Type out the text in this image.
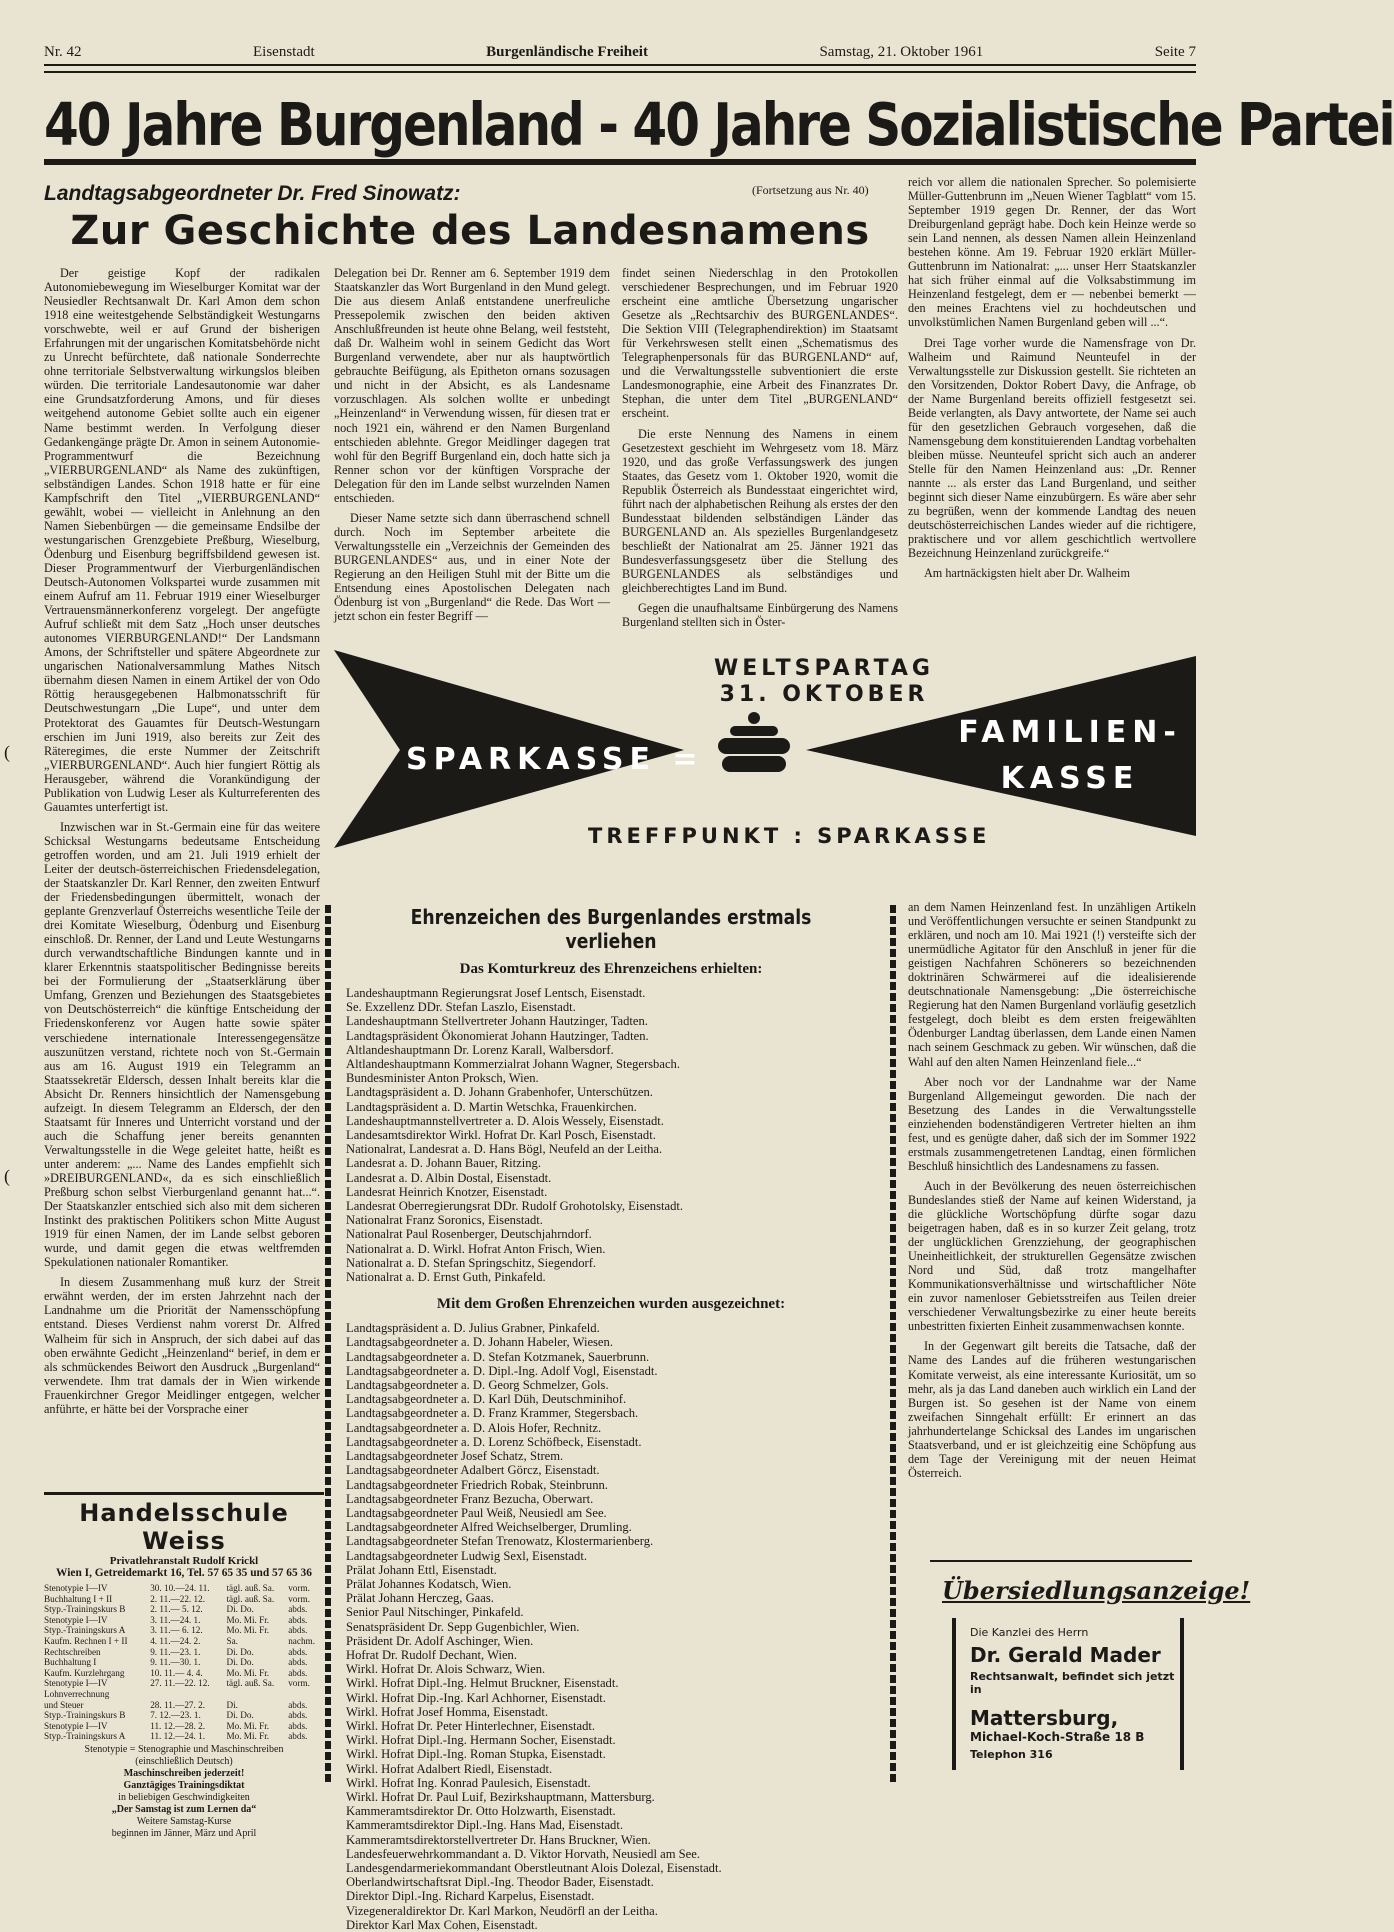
Nr. 42	Eisenstadt	Burgenländische Freiheit	Samstag, 21. Oktober 1961	Seite 7
40 Jahre Burgenland - 40 Jahre Sozialistische Partei
Landtagsabgeordneter Dr. Fred Sinowatz:	(Fortsetzung aus Nr. 40)
Zur Geschichte des Landesnamens

Der geistige Kopf der radikalen Autonomiebewegung im Wieselburger Komitat war der Neusiedler Rechtsanwalt Dr. Karl Amon dem schon 1918 eine weitestgehende Selbständigkeit Westungarns vorschwebte, weil er auf Grund der bisherigen Erfahrungen mit der ungarischen Komitatsbehörde nicht zu Unrecht befürchtete, daß nationale Sonderrechte ohne territoriale Selbstverwaltung wirkungslos bleiben würden. Die territoriale Landesautonomie war daher eine Grundsatzforderung Amons, und für dieses weitgehend autonome Gebiet sollte auch ein eigener Name bestimmt werden. In Verfolgung dieser Gedankengänge prägte Dr. Amon in seinem Autonomie-Programmentwurf die Bezeichnung „VIERBURGENLAND“ als Name des zukünftigen, selbständigen Landes. Schon 1918 hatte er für eine Kampfschrift den Titel „VIERBURGENLAND“ gewählt, wobei — vielleicht in Anlehnung an den Namen Siebenbürgen — die gemeinsame Endsilbe der westungarischen Grenzgebiete Preßburg, Wieselburg, Ödenburg und Eisenburg begriffsbildend gewesen ist. Dieser Programmentwurf der Vierburgenländischen Deutsch-Autonomen Volkspartei wurde zusammen mit einem Aufruf am 11. Februar 1919 einer Wieselburger Vertrauensmännerkonferenz vorgelegt. Der angefügte Aufruf schließt mit dem Satz „Hoch unser deutsches autonomes VIERBURGENLAND!“ Der Landsmann Amons, der Schriftsteller und spätere Abgeordnete zur ungarischen Nationalversammlung Mathes Nitsch übernahm diesen Namen in einem Artikel der von Odo Röttig herausgegebenen Halbmonatsschrift für Deutschwestungarn „Die Lupe“, und unter dem Protektorat des Gauamtes für Deutsch-Westungarn erschien im Juni 1919, also bereits zur Zeit des Räteregimes, die erste Nummer der Zeitschrift „VIERBURGENLAND“. Auch hier fungiert Röttig als Herausgeber, während die Vorankündigung der Publikation von Ludwig Leser als Kulturreferenten des Gauamtes unterfertigt ist.

Inzwischen war in St.-Germain eine für das weitere Schicksal Westungarns bedeutsame Entscheidung getroffen worden, und am 21. Juli 1919 erhielt der Leiter der deutsch-österreichischen Friedensdelegation, der Staatskanzler Dr. Karl Renner, den zweiten Entwurf der Friedensbedingungen übermittelt, wonach der geplante Grenzverlauf Österreichs wesentliche Teile der drei Komitate Wieselburg, Ödenburg und Eisenburg einschloß. Dr. Renner, der Land und Leute Westungarns durch verwandtschaftliche Bindungen kannte und in klarer Erkenntnis staatspolitischer Bedingnisse bereits bei der Formulierung der „Staatserklärung über Umfang, Grenzen und Beziehungen des Staatsgebietes von Deutschösterreich“ die künftige Entscheidung der Friedenskonferenz vor Augen hatte sowie später verschiedene internationale Interessengegensätze auszunützen verstand, richtete noch von St.-Germain aus am 16. August 1919 ein Telegramm an Staatssekretär Eldersch, dessen Inhalt bereits klar die Absicht Dr. Renners hinsichtlich der Namensgebung aufzeigt. In diesem Telegramm an Eldersch, der den Staatsamt für Inneres und Unterricht vorstand und der auch die Schaffung jener bereits genannten Verwaltungsstelle in die Wege geleitet hatte, heißt es unter anderem: „... Name des Landes empfiehlt sich »DREIBURGENLAND«, da es sich einschließlich Preßburg schon selbst Vierburgenland genannt hat...“. Der Staatskanzler entschied sich also mit dem sicheren Instinkt des praktischen Politikers schon Mitte August 1919 für einen Namen, der im Lande selbst geboren wurde, und damit gegen die etwas weltfremden Spekulationen nationaler Romantiker.

In diesem Zusammenhang muß kurz der Streit erwähnt werden, der im ersten Jahrzehnt nach der Landnahme um die Priorität der Namensschöpfung entstand. Dieses Verdienst nahm vorerst Dr. Alfred Walheim für sich in Anspruch, der sich dabei auf das oben erwähnte Gedicht „Heinzenland“ berief, in dem er als schmückendes Beiwort den Ausdruck „Burgenland“ verwendete. Ihm trat damals der in Wien wirkende Frauenkirchner Gregor Meidlinger entgegen, welcher anführte, er hätte bei der Vorsprache einer

Delegation bei Dr. Renner am 6. September 1919 dem Staatskanzler das Wort Burgenland in den Mund gelegt. Die aus diesem Anlaß entstandene unerfreuliche Pressepolemik zwischen den beiden aktiven Anschlußfreunden ist heute ohne Belang, weil feststeht, daß Dr. Walheim wohl in seinem Gedicht das Wort Burgenland verwendete, aber nur als hauptwörtlich gebrauchte Beifügung, als Epitheton ornans sozusagen und nicht in der Absicht, es als Landesname vorzuschlagen. Als solchen wollte er unbedingt „Heinzenland“ in Verwendung wissen, für diesen trat er noch 1921 ein, während er den Namen Burgenland entschieden ablehnte. Gregor Meidlinger dagegen trat wohl für den Begriff Burgenland ein, doch hatte sich ja Renner schon vor der künftigen Vorsprache der Delegation für den im Lande selbst wurzelnden Namen entschieden.

Dieser Name setzte sich dann überraschend schnell durch. Noch im September arbeitete die Verwaltungsstelle ein „Verzeichnis der Gemeinden des BURGENLANDES“ aus, und in einer Note der Regierung an den Heiligen Stuhl mit der Bitte um die Entsendung eines Apostolischen Delegaten nach Ödenburg ist von „Burgenland“ die Rede. Das Wort — jetzt schon ein fester Begriff —

findet seinen Niederschlag in den Protokollen verschiedener Besprechungen, und im Februar 1920 erscheint eine amtliche Übersetzung ungarischer Gesetze als „Rechtsarchiv des BURGENLANDES“. Die Sektion VIII (Telegraphendirektion) im Staatsamt für Verkehrswesen stellt einen „Schematismus des Telegraphenpersonals für das BURGENLAND“ auf, und die Verwaltungsstelle subventioniert die erste Landesmonographie, eine Arbeit des Finanzrates Dr. Stephan, die unter dem Titel „BURGENLAND“ erscheint.

Die erste Nennung des Namens in einem Gesetzestext geschieht im Wehrgesetz vom 18. März 1920, und das große Verfassungswerk des jungen Staates, das Gesetz vom 1. Oktober 1920, womit die Republik Österreich als Bundesstaat eingerichtet wird, führt nach der alphabetischen Reihung als erstes der den Bundesstaat bildenden selbständigen Länder das BURGENLAND an. Als spezielles Burgenlandgesetz beschließt der Nationalrat am 25. Jänner 1921 das Bundesverfassungsgesetz über die Stellung des BURGENLANDES als selbständiges und gleichberechtigtes Land im Bund.

Gegen die unaufhaltsame Einbürgerung des Namens Burgenland stellten sich in Öster-

reich vor allem die nationalen Sprecher. So polemisierte Müller-Guttenbrunn im „Neuen Wiener Tagblatt“ vom 15. September 1919 gegen Dr. Renner, der das Wort Dreiburgenland geprägt habe. Doch kein Heinze werde so sein Land nennen, als dessen Namen allein Heinzenland bestehen könne. Am 19. Februar 1920 erklärt Müller-Guttenbrunn im Nationalrat: „... unser Herr Staatskanzler hat sich früher einmal auf die Volksabstimmung im Heinzenland festgelegt, dem er — nebenbei bemerkt — den meines Erachtens viel zu hochdeutschen und unvolkstümlichen Namen Burgenland geben will ...“.

Drei Tage vorher wurde die Namensfrage von Dr. Walheim und Raimund Neunteufel in der Verwaltungsstelle zur Diskussion gestellt. Sie richteten an den Vorsitzenden, Doktor Robert Davy, die Anfrage, ob der Name Burgenland bereits offiziell festgesetzt sei. Beide verlangten, als Davy antwortete, der Name sei auch für den gesetzlichen Gebrauch vorgesehen, daß die Namensgebung dem konstituierenden Landtag vorbehalten bleiben müsse. Neunteufel spricht sich auch an anderer Stelle für den Namen Heinzenland aus: „Dr. Renner nannte ... als erster das Land Burgenland, und seither beginnt sich dieser Name einzubürgern. Es wäre aber sehr zu begrüßen, wenn der kommende Landtag des neuen deutschösterreichischen Landes wieder auf die richtigere, praktischere und vor allem geschichtlich wertvollere Bezeichnung Heinzenland zurückgreife.“

Am hartnäckigsten hielt aber Dr. Walheim

WELTSPARTAG
31. OKTOBER
SPARKASSE =
FAMILIEN-
KASSE
TREFFPUNKT : SPARKASSE
Ehrenzeichen des Burgenlandes erstmals verliehen
Das Komturkreuz des Ehrenzeichens erhielten:
Landeshauptmann Regierungsrat Josef Lentsch, Eisenstadt.
Se. Exzellenz DDr. Stefan Laszlo, Eisenstadt.
Landeshauptmann Stellvertreter Johann Hautzinger, Tadten.
Landtagspräsident Ökonomierat Johann Hautzinger, Tadten.
Altlandeshauptmann Dr. Lorenz Karall, Walbersdorf.
Altlandeshauptmann Kommerzialrat Johann Wagner, Stegersbach.
Bundesminister Anton Proksch, Wien.
Landtagspräsident a. D. Johann Grabenhofer, Unterschützen.
Landtagspräsident a. D. Martin Wetschka, Frauenkirchen.
Landeshauptmannstellvertreter a. D. Alois Wessely, Eisenstadt.
Landesamtsdirektor Wirkl. Hofrat Dr. Karl Posch, Eisenstadt.
Nationalrat, Landesrat a. D. Hans Bögl, Neufeld an der Leitha.
Landesrat a. D. Johann Bauer, Ritzing.
Landesrat a. D. Albin Dostal, Eisenstadt.
Landesrat Heinrich Knotzer, Eisenstadt.
Landesrat Oberregierungsrat DDr. Rudolf Grohotolsky, Eisenstadt.
Nationalrat Franz Soronics, Eisenstadt.
Nationalrat Paul Rosenberger, Deutschjahrndorf.
Nationalrat a. D. Wirkl. Hofrat Anton Frisch, Wien.
Nationalrat a. D. Stefan Springschitz, Siegendorf.
Nationalrat a. D. Ernst Guth, Pinkafeld.
Mit dem Großen Ehrenzeichen wurden ausgezeichnet:
Landtagspräsident a. D. Julius Grabner, Pinkafeld.
Landtagsabgeordneter a. D. Johann Habeler, Wiesen.
Landtagsabgeordneter a. D. Stefan Kotzmanek, Sauerbrunn.
Landtagsabgeordneter a. D. Dipl.-Ing. Adolf Vogl, Eisenstadt.
Landtagsabgeordneter a. D. Georg Schmelzer, Gols.
Landtagsabgeordneter a. D. Karl Düh, Deutschminihof.
Landtagsabgeordneter a. D. Franz Krammer, Stegersbach.
Landtagsabgeordneter a. D. Alois Hofer, Rechnitz.
Landtagsabgeordneter a. D. Lorenz Schöfbeck, Eisenstadt.
Landtagsabgeordneter Josef Schatz, Strem.
Landtagsabgeordneter Adalbert Görcz, Eisenstadt.
Landtagsabgeordneter Friedrich Robak, Steinbrunn.
Landtagsabgeordneter Franz Bezucha, Oberwart.
Landtagsabgeordneter Paul Weiß, Neusiedl am See.
Landtagsabgeordneter Alfred Weichselberger, Drumling.
Landtagsabgeordneter Stefan Trenowatz, Klostermarienberg.
Landtagsabgeordneter Ludwig Sexl, Eisenstadt.
Prälat Johann Ettl, Eisenstadt.
Prälat Johannes Kodatsch, Wien.
Prälat Johann Herczeg, Gaas.
Senior Paul Nitschinger, Pinkafeld.
Senatspräsident Dr. Sepp Gugenbichler, Wien.
Präsident Dr. Adolf Aschinger, Wien.
Hofrat Dr. Rudolf Dechant, Wien.
Wirkl. Hofrat Dr. Alois Schwarz, Wien.
Wirkl. Hofrat Dipl.-Ing. Helmut Bruckner, Eisenstadt.
Wirkl. Hofrat Dip.-Ing. Karl Achhorner, Eisenstadt.
Wirkl. Hofrat Josef Homma, Eisenstadt.
Wirkl. Hofrat Dr. Peter Hinterlechner, Eisenstadt.
Wirkl. Hofrat Dipl.-Ing. Hermann Socher, Eisenstadt.
Wirkl. Hofrat Dipl.-Ing. Roman Stupka, Eisenstadt.
Wirkl. Hofrat Adalbert Riedl, Eisenstadt.
Wirkl. Hofrat Ing. Konrad Paulesich, Eisenstadt.
Wirkl. Hofrat Dr. Paul Luif, Bezirkshauptmann, Mattersburg.
Kammeramtsdirektor Dr. Otto Holzwarth, Eisenstadt.
Kammeramtsdirektor Dipl.-Ing. Hans Mad, Eisenstadt.
Kammeramtsdirektorstellvertreter Dr. Hans Bruckner, Wien.
Landesfeuerwehrkommandant a. D. Viktor Horvath, Neusiedl am See.
Landesgendarmeriekommandant Oberstleutnant Alois Dolezal, Eisenstadt.
Oberlandwirtschaftsrat Dipl.-Ing. Theodor Bader, Eisenstadt.
Direktor Dipl.-Ing. Richard Karpelus, Eisenstadt.
Vizegeneraldirektor Dr. Karl Markon, Neudörfl an der Leitha.
Direktor Karl Max Cohen, Eisenstadt.

an dem Namen Heinzenland fest. In unzähligen Artikeln und Veröffentlichungen versuchte er seinen Standpunkt zu erklären, und noch am 10. Mai 1921 (!) versteifte sich der unermüdliche Agitator für den Anschluß in jener für die geistigen Nachfahren Schönerers so bezeichnenden doktrinären Schwärmerei auf die idealisierende deutschnationale Namensgebung: „Die österreichische Regierung hat den Namen Burgenland vorläufig gesetzlich festgelegt, doch bleibt es dem ersten freigewählten Ödenburger Landtag überlassen, dem Lande einen Namen nach seinem Geschmack zu geben. Wir wünschen, daß die Wahl auf den alten Namen Heinzenland fiele...“

Aber noch vor der Landnahme war der Name Burgenland Allgemeingut geworden. Die nach der Besetzung des Landes in die Verwaltungsstelle einziehenden bodenständigeren Vertreter hielten an ihm fest, und es genügte daher, daß sich der im Sommer 1922 erstmals zusammengetretenen Landtag, einen förmlichen Beschluß hinsichtlich des Landesnamens zu fassen.

Auch in der Bevölkerung des neuen österreichischen Bundeslandes stieß der Name auf keinen Widerstand, ja die glückliche Wortschöpfung dürfte sogar dazu beigetragen haben, daß es in so kurzer Zeit gelang, trotz der unglücklichen Grenzziehung, der geographischen Uneinheitlichkeit, der strukturellen Gegensätze zwischen Nord und Süd, daß trotz mangelhafter Kommunikationsverhältnisse und wirtschaftlicher Nöte ein zuvor namenloser Gebietsstreifen aus Teilen dreier verschiedener Verwaltungsbezirke zu einer heute bereits unbestritten fixierten Einheit zusammenwachsen konnte.

In der Gegenwart gilt bereits die Tatsache, daß der Name des Landes auf die früheren westungarischen Komitate verweist, als eine interessante Kuriosität, um so mehr, als ja das Land daneben auch wirklich ein Land der Burgen ist. So gesehen ist der Name von einem zweifachen Sinngehalt erfüllt: Er erinnert an das jahrhundertelange Schicksal des Landes im ungarischen Staatsverband, und er ist gleichzeitig eine Schöpfung aus dem Tage der Vereinigung mit der neuen Heimat Österreich.

Handelsschule Weiss
Privatlehranstalt Rudolf Krickl
Wien I, Getreidemarkt 16, Tel. 57 65 35 und 57 65 36
Stenotypie I—IV	30. 10.—24. 11.	tägl. auß. Sa.	vorm.
Buchhaltung I + II	2. 11.—22. 12.	tägl. auß. Sa.	vorm.
Styp.-Trainingskurs B	2. 11.— 5. 12.	Di. Do.	abds.
Stenotypie I—IV	3. 11.—24. 1.	Mo. Mi. Fr.	abds.
Styp.-Trainingskurs A	3. 11.— 6. 12.	Mo. Mi. Fr.	abds.
Kaufm. Rechnen I + II	4. 11.—24. 2.	Sa.	nachm.
Rechtschreiben	9. 11.—23. 1.	Di. Do.	abds.
Buchhaltung I	9. 11.—30. 1.	Di. Do.	abds.
Kaufm. Kurzlehrgang	10. 11.— 4. 4.	Mo. Mi. Fr.	abds.
Stenotypie I—IV	27. 11.—22. 12.	tägl. auß. Sa.	vorm.
Lohnverrechnung			
und Steuer	28. 11.—27. 2.	Di.	abds.
Styp.-Trainingskurs B	7. 12.—23. 1.	Di. Do.	abds.
Stenotypie I—IV	11. 12.—28. 2.	Mo. Mi. Fr.	abds.
Styp.-Trainingskurs A	11. 12.—24. 1.	Mo. Mi. Fr.	abds.
Stenotypie = Stenographie und Maschinschreiben
(einschließlich Deutsch)
Maschinschreiben jederzeit!
Ganztägiges Trainingsdiktat
in beliebigen Geschwindigkeiten
„Der Samstag ist zum Lernen da“
Weitere Samstag-Kurse
beginnen im Jänner, März und April
Übersiedlungsanzeige!
Die Kanzlei des Herrn
Dr. Gerald Mader
Rechtsanwalt, befindet sich jetzt in
Mattersburg,
Michael-Koch-Straße 18 B
Telephon 316
(
(
